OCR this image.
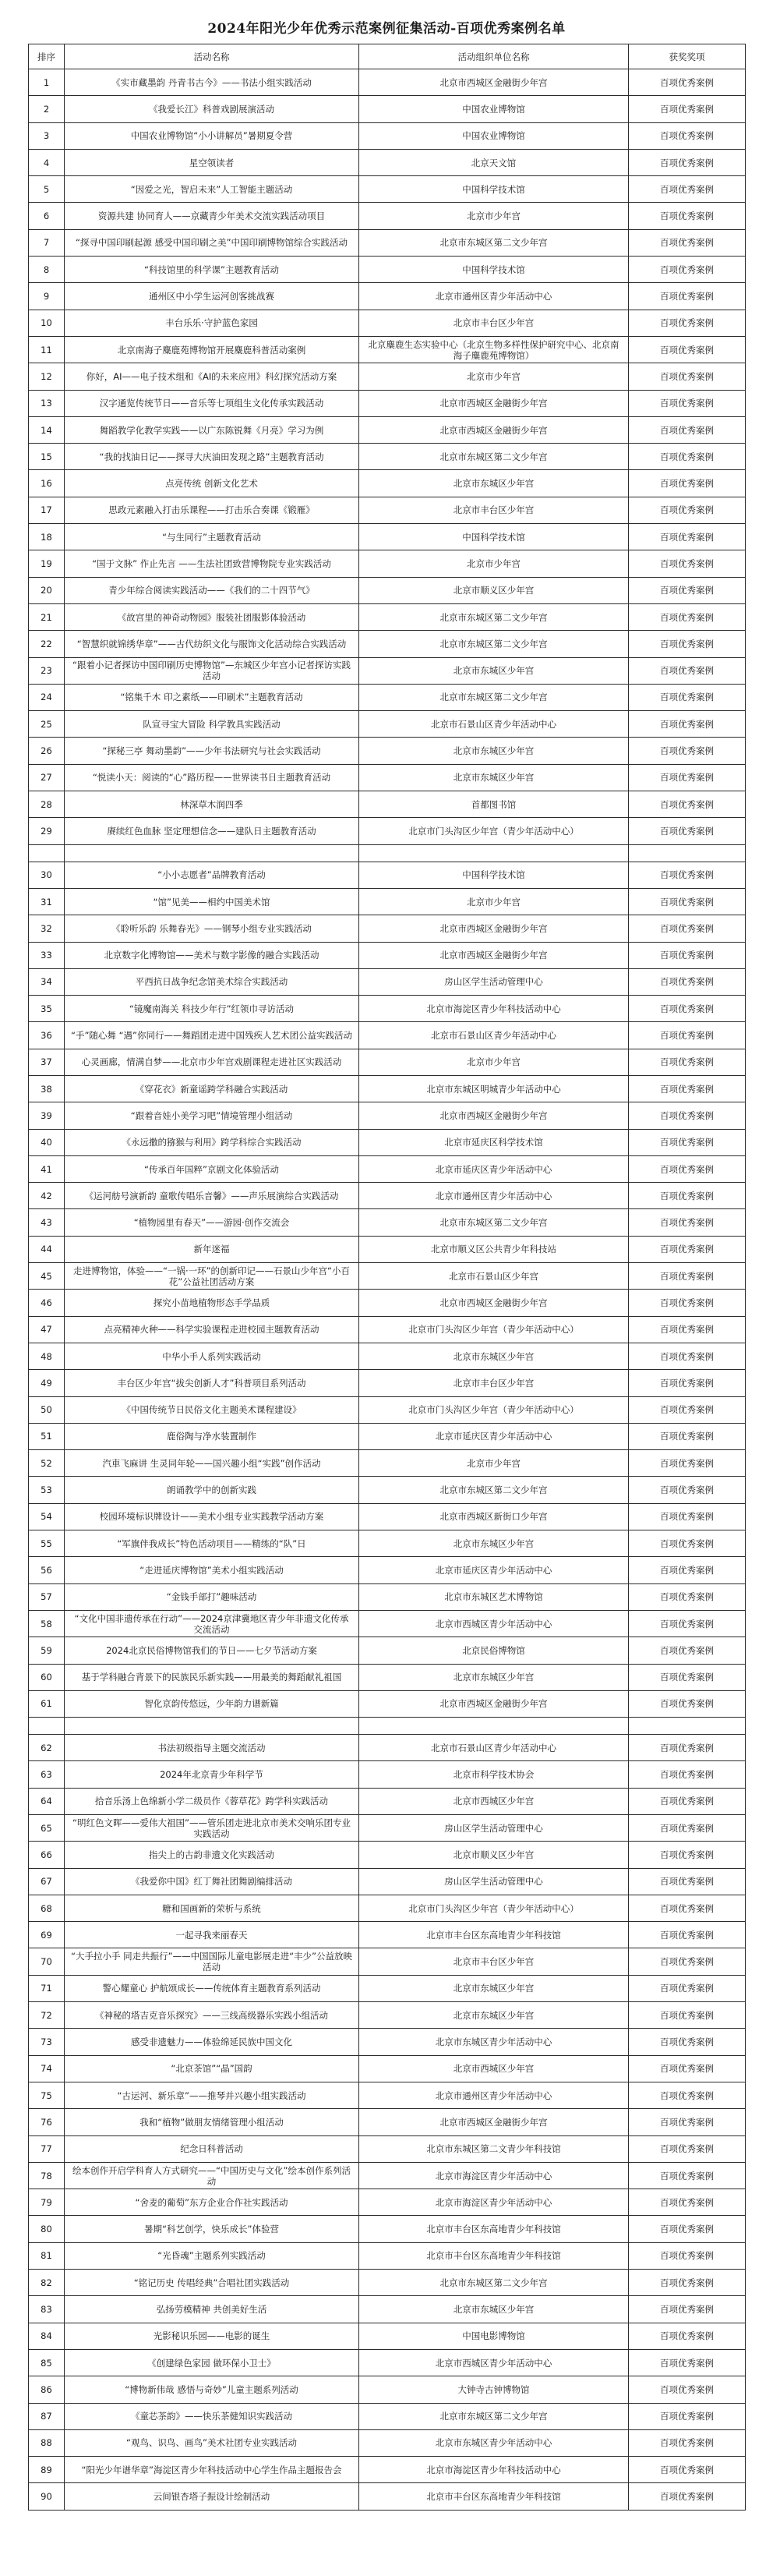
2024年阳光少年优秀示范案例征集活动-百项优秀案例名单
排序	活动名称	活动组织单位名称	获奖奖项
1	《实市藏墨韵 丹青书古今》——书法小组实践活动	北京市西城区金融街少年宫	百项优秀案例
2	《我爱长江》科普戏剧展演活动	中国农业博物馆	百项优秀案例
3	中国农业博物馆“小小讲解员”暑期夏令营	中国农业博物馆	百项优秀案例
4	星空领读者	北京天文馆	百项优秀案例
5	“因爱之光，智启未来”人工智能主题活动	中国科学技术馆	百项优秀案例
6	资源共建 协同育人——京藏青少年美术交流实践活动项目	北京市少年宫	百项优秀案例
7	“探寻中国印刷起源 感受中国印刷之美”中国印刷博物馆综合实践活动	北京市东城区第二文少年宫	百项优秀案例
8	“科技馆里的科学课”主题教育活动	中国科学技术馆	百项优秀案例
9	通州区中小学生运河创客挑战赛	北京市通州区青少年活动中心	百项优秀案例
10	丰台乐乐·守护蓝色家园	北京市丰台区少年宫	百项优秀案例
11	北京南海子麋鹿苑博物馆开展麋鹿科普活动案例	北京麋鹿生态实验中心（北京生物多样性保护研究中心、北京南海子麋鹿苑博物馆）	百项优秀案例
12	你好，AI——电子技术组和《AI的未来应用》科幻探究活动方案	北京市少年宫	百项优秀案例
13	汉字通览传统节日——音乐等七项组生文化传承实践活动	北京市西城区金融街少年宫	百项优秀案例
14	舞蹈教学化教学实践——以广东陈锐舞《月亮》学习为例	北京市西城区金融街少年宫	百项优秀案例
15	“我的找油日记——探寻大庆油田发现之路”主题教育活动	北京市东城区第二文少年宫	百项优秀案例
16	点亮传统 创新文化艺术	北京市东城区少年宫	百项优秀案例
17	思政元素融入打击乐课程——打击乐合奏课《锻雁》	北京市丰台区少年宫	百项优秀案例
18	“与生同行”主题教育活动	中国科学技术馆	百项优秀案例
19	“国于文脉” 作止先言 ——生法社团致营博物院专业实践活动	北京市少年宫	百项优秀案例
20	青少年综合阅读实践活动——《我们的二十四节气》	北京市顺义区少年宫	百项优秀案例
21	《故宫里的神奇动物园》服装社团服影体验活动	北京市东城区第二文少年宫	百项优秀案例
22	“智慧织就锦绣华章”——古代纺织文化与服饰文化活动综合实践活动	北京市东城区第二文少年宫	百项优秀案例
23	“跟着小记者探访中国印刷历史博物馆”—东城区少年宫小记者探访实践活动	北京市东城区少年宫	百项优秀案例
24	“铭集千木 印之素纸——印刷术”主题教育活动	北京市东城区第二文少年宫	百项优秀案例
25	队宣寻宝大冒险 科学教具实践活动	北京市石景山区青少年活动中心	百项优秀案例
26	“探秘三亭 舞动墨韵”——少年书法研究与社会实践活动	北京市东城区少年宫	百项优秀案例
27	“悦读小天：阅读的“心”路历程——世界读书日主题教育活动	北京市东城区少年宫	百项优秀案例
28	林深草木润四季	首都图书馆	百项优秀案例
29	赓续红色血脉 坚定理想信念——建队日主题教育活动	北京市门头沟区少年宫（青少年活动中心）	百项优秀案例

30	“小小志愿者”品牌教育活动	中国科学技术馆	百项优秀案例
31	“馆”见美——相约中国美术馆	北京市少年宫	百项优秀案例
32	《聆听乐韵 乐舞春光》——钢琴小组专业实践活动	北京市西城区金融街少年宫	百项优秀案例
33	北京数字化博物馆——美术与数字影像的融合实践活动	北京市西城区金融街少年宫	百项优秀案例
34	平西抗日战争纪念馆美术综合实践活动	房山区学生活动管理中心	百项优秀案例
35	“镜魔南海关 科技少年行”红领巾寻访活动	北京市海淀区青少年科技活动中心	百项优秀案例
36	“手”随心舞 “遇”你同行——舞蹈团走进中国残疾人艺术团公益实践活动	北京市石景山区青少年活动中心	百项优秀案例
37	心灵画廊，情满自梦——北京市少年宫戏剧课程走进社区实践活动	北京市少年宫	百项优秀案例
38	《穿花衣》新童谣跨学科融合实践活动	北京市东城区明城青少年活动中心	百项优秀案例
39	“跟着音娃小美学习吧”情境管理小组活动	北京市西城区金融街少年宫	百项优秀案例
40	《永远撒的猕猴与利用》跨学科综合实践活动	北京市延庆区科学技术馆	百项优秀案例
41	“传承百年国粹”京剧文化体验活动	北京市延庆区青少年活动中心	百项优秀案例
42	《运河舫号演新韵 童歌传唱乐音馨》——声乐展演综合实践活动	北京市通州区青少年活动中心	百项优秀案例
43	“植物园里有春天”——游园·创作交流会	北京市东城区第二文少年宫	百项优秀案例
44	新年迷福	北京市顺义区公共青少年科技站	百项优秀案例
45	走进博物馆，体验——“一锅·一环”的创新印记——石景山少年宫“小百花”公益社团活动方案	北京市石景山区少年宫	百项优秀案例
46	探究小苗地植物形态手学品质	北京市西城区金融街少年宫	百项优秀案例
47	点亮精神火种——科学实验课程走进校园主题教育活动	北京市门头沟区少年宫（青少年活动中心）	百项优秀案例
48	中华小手人系列实践活动	北京市东城区少年宫	百项优秀案例
49	丰台区少年宫“拔尖创新人才”科普项目系列活动	北京市丰台区少年宫	百项优秀案例
50	《中国传统节日民俗文化主题美术课程建设》	北京市门头沟区少年宫（青少年活动中心）	百项优秀案例
51	鹿俗陶与净水装置制作	北京市延庆区青少年活动中心	百项优秀案例
52	汽車飞麻讲 生灵同年轮——国兴趣小组“实践”创作活动	北京市少年宫	百项优秀案例
53	朗诵教学中的创新实践	北京市东城区第二文少年宫	百项优秀案例
54	校园环境标识牌设计——美术小组专业实践教学活动方案	北京市西城区新街口少年宫	百项优秀案例
55	“军旗伴我成长”特色活动项目——精练的“队”日	北京市东城区少年宫	百项优秀案例
56	“走进延庆博物馆”美术小组实践活动	北京市延庆区青少年活动中心	百项优秀案例
57	“金钱手部打”趣味活动	北京市东城区艺术博物馆	百项优秀案例
58	“文化中国非遗传承在行动”——2024京津冀地区青少年非遗文化传承交流活动	北京市西城区青少年活动中心	百项优秀案例
59	2024北京民俗博物馆我们的节日——七夕节活动方案	北京民俗博物馆	百项优秀案例
60	基于学科融合背景下的民族民乐新实践——用最美的舞蹈献礼祖国	北京市东城区少年宫	百项优秀案例
61	智化京韵传悠远，少年韵力谱新篇	北京市西城区金融街少年宫	百项优秀案例

62	书法初级指导主题交流活动	北京市石景山区青少年活动中心	百项优秀案例
63	2024年北京青少年科学节	北京市科学技术协会	百项优秀案例
64	拾音乐汤上色绵新小学二级员作《蓉草花》跨学科实践活动	北京市西城区少年宫	百项优秀案例
65	“明红色文晖——爱伟大祖国”——管乐团走进北京市美术交响乐团专业实践活动	房山区学生活动管理中心	百项优秀案例
66	指尖上的古韵非遗文化实践活动	北京市顺义区少年宫	百项优秀案例
67	《我爱你中国》红丁舞社团舞剧编排活动	房山区学生活动管理中心	百项优秀案例
68	糖和国画新的荣析与系统	北京市门头沟区少年宫（青少年活动中心）	百项优秀案例
69	一起寻我来丽春天	北京市丰台区东高地青少年科技馆	百项优秀案例
70	“大手拉小手 同走共振行”——中国国际儿童电影展走进“丰少”公益放映活动	北京市丰台区少年宫	百项优秀案例
71	警心耀童心 护航颂成长——传统体育主题教育系列活动	北京市东城区少年宫	百项优秀案例
72	《神秘的塔吉克音乐探究》——三线高级器乐实践小组活动	北京市东城区少年宫	百项优秀案例
73	感受非遗魅力——体验绵延民族中国文化	北京市东城区青少年活动中心	百项优秀案例
74	“北京茶馆”“晶”国韵	北京市西城区少年宫	百项优秀案例
75	“古运河、新乐章”——推琴并兴趣小组实践活动	北京市通州区青少年活动中心	百项优秀案例
76	我和“植物”做朋友情绪管理小组活动	北京市西城区金融街少年宫	百项优秀案例
77	纪念日科普活动	北京市东城区第二文青少年科技馆	百项优秀案例
78	绘本创作开启学科育人方式研究——“中国历史与文化”绘本创作系列活动	北京市海淀区青少年活动中心	百项优秀案例
79	“舍麦的葡萄”东方企业合作社实践活动	北京市海淀区青少年活动中心	百项优秀案例
80	暑期“科艺创学，快乐成长”体验营	北京市丰台区东高地青少年科技馆	百项优秀案例
81	“光昏魂”主题系列实践活动	北京市丰台区东高地青少年科技馆	百项优秀案例
82	“铭记历史 传唱经典”合唱社团实践活动	北京市东城区第二文少年宫	百项优秀案例
83	弘扬劳模精神 共创美好生活	北京市东城区少年宫	百项优秀案例
84	光影秘识乐园——电影的诞生	中国电影博物馆	百项优秀案例
85	《创建绿色家园 做环保小卫士》	北京市西城区青少年活动中心	百项优秀案例
86	“博物新伟哉 感悟与奇妙”儿童主题系列活动	大钟寺古钟博物馆	百项优秀案例
87	《童芯茶韵》——快乐茶健知识实践活动	北京市东城区第二文少年宫	百项优秀案例
88	“观鸟、识鸟、画鸟”美术社团专业实践活动	北京市东城区青少年活动中心	百项优秀案例
89	“阳光少年谱华章”海淀区青少年科技活动中心学生作品主题报告会	北京市海淀区青少年科技活动中心	百项优秀案例
90	云间银杏塔子振设计绘制活动	北京市丰台区东高地青少年科技馆	百项优秀案例
